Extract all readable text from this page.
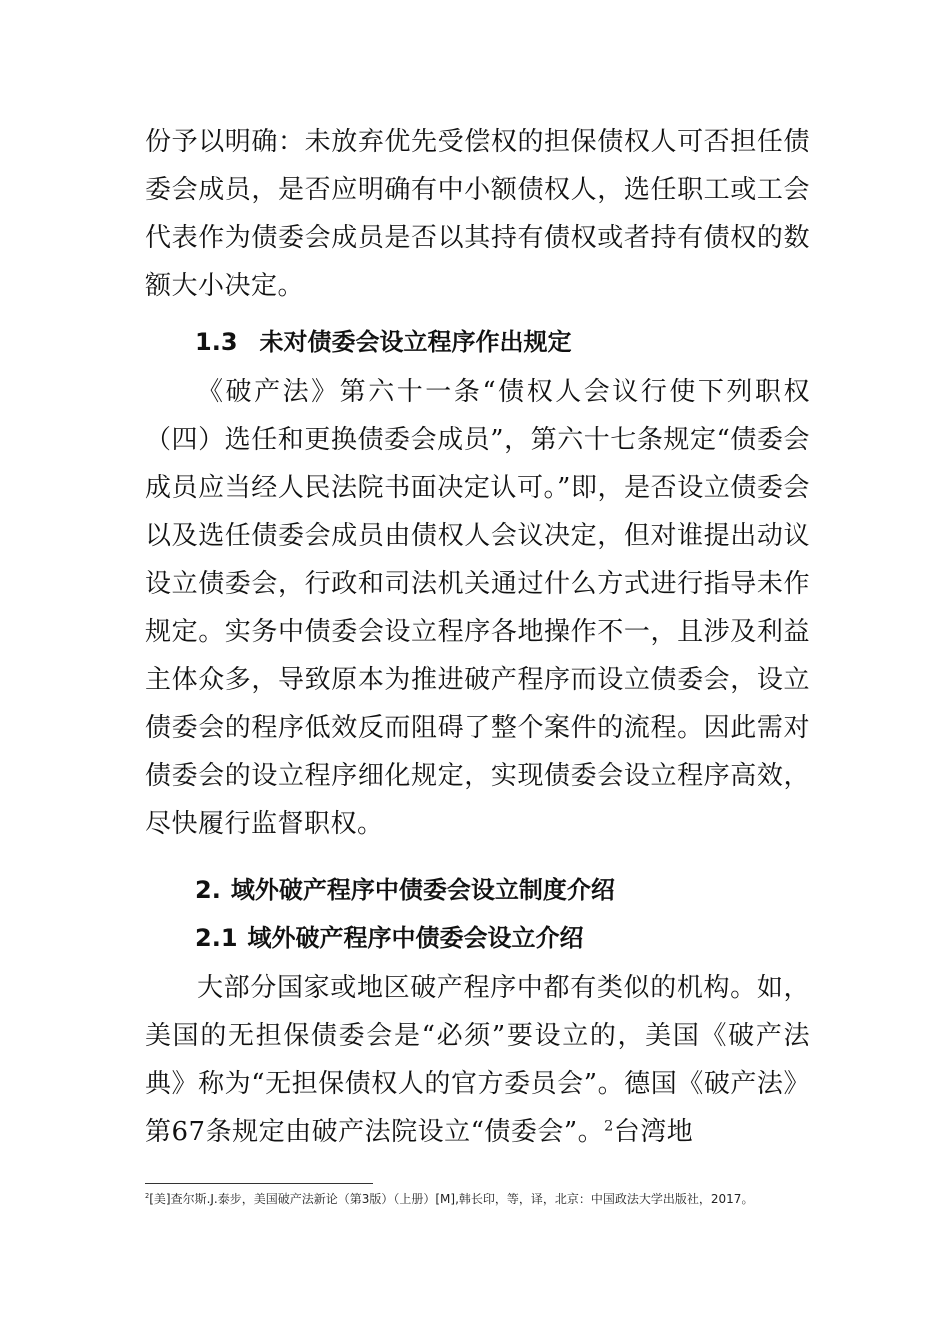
份予以明确：未放弃优先受偿权的担保债权人可否担任债委会成员，是否应明确有中小额债权人，选任职工或工会代表作为债委会成员是否以其持有债权或者持有债权的数额大小决定。

1.3 未对债委会设立程序作出规定

《破产法》第六十一条“债权人会议行使下列职权（四）选任和更换债委会成员”，第六十七条规定“债委会成员应当经人民法院书面决定认可。”即，是否设立债委会以及选任债委会成员由债权人会议决定，但对谁提出动议设立债委会，行政和司法机关通过什么方式进行指导未作规定。实务中债委会设立程序各地操作不一，且涉及利益主体众多，导致原本为推进破产程序而设立债委会，设立债委会的程序低效反而阻碍了整个案件的流程。因此需对债委会的设立程序细化规定，实现债委会设立程序高效，尽快履行监督职权。

2. 域外破产程序中债委会设立制度介绍
2.1 域外破产程序中债委会设立介绍

大部分国家或地区破产程序中都有类似的机构。如，美国的无担保债委会是“必须”要设立的，美国《破产法典》称为“无担保债权人的官方委员会”。德国《破产法》第67条规定由破产法院设立“债委会”。$^2$台湾地

$^2$[美]查尔斯.J.泰步，美国破产法新论（第3版）（上册）[M],韩长印，等，译，北京：中国政法大学出版社，2017。
